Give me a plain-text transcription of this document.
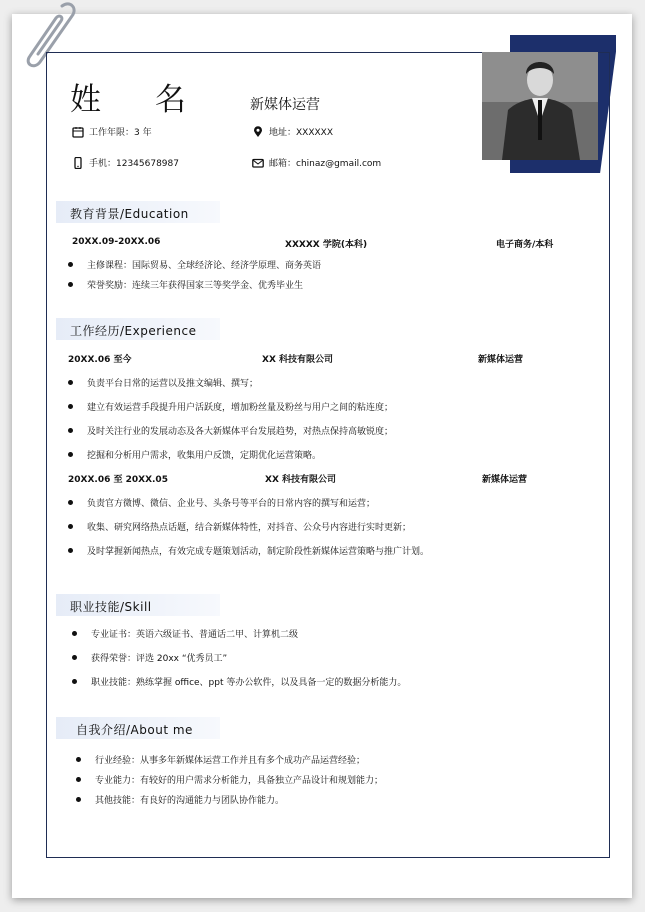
姓 名	新媒体运营
工作年限：3 年	地址：XXXXXX
手机：12345678987	邮箱：chinaz@gmail.com
教育背景/Education
20XX.09-20XX.06	XXXXX 学院(本科)	电子商务/本科
主修课程：国际贸易、全球经济论、经济学原理、商务英语
荣誉奖励：连续三年获得国家三等奖学金、优秀毕业生
工作经历/Experience
20XX.06 至今	XX 科技有限公司	新媒体运营
负责平台日常的运营以及推文编辑、撰写；
建立有效运营手段提升用户活跃度，增加粉丝量及粉丝与用户之间的粘连度；
及时关注行业的发展动态及各大新媒体平台发展趋势，对热点保持高敏锐度；
挖掘和分析用户需求，收集用户反馈，定期优化运营策略。
20XX.06 至 20XX.05	XX 科技有限公司	新媒体运营
负责官方微博、微信、企业号、头条号等平台的日常内容的撰写和运营；
收集、研究网络热点话题，结合新媒体特性，对抖音、公众号内容进行实时更新；
及时掌握新闻热点，有效完成专题策划活动，制定阶段性新媒体运营策略与推广计划。
职业技能/Skill
专业证书：英语六级证书、普通话二甲、计算机二级
获得荣誉：评选 20xx “优秀员工”
职业技能：熟练掌握 office、ppt 等办公软件，以及具备一定的数据分析能力。
自我介绍/About me
行业经验：从事多年新媒体运营工作并且有多个成功产品运营经验；
专业能力：有较好的用户需求分析能力，具备独立产品设计和规划能力；
其他技能：有良好的沟通能力与团队协作能力。
